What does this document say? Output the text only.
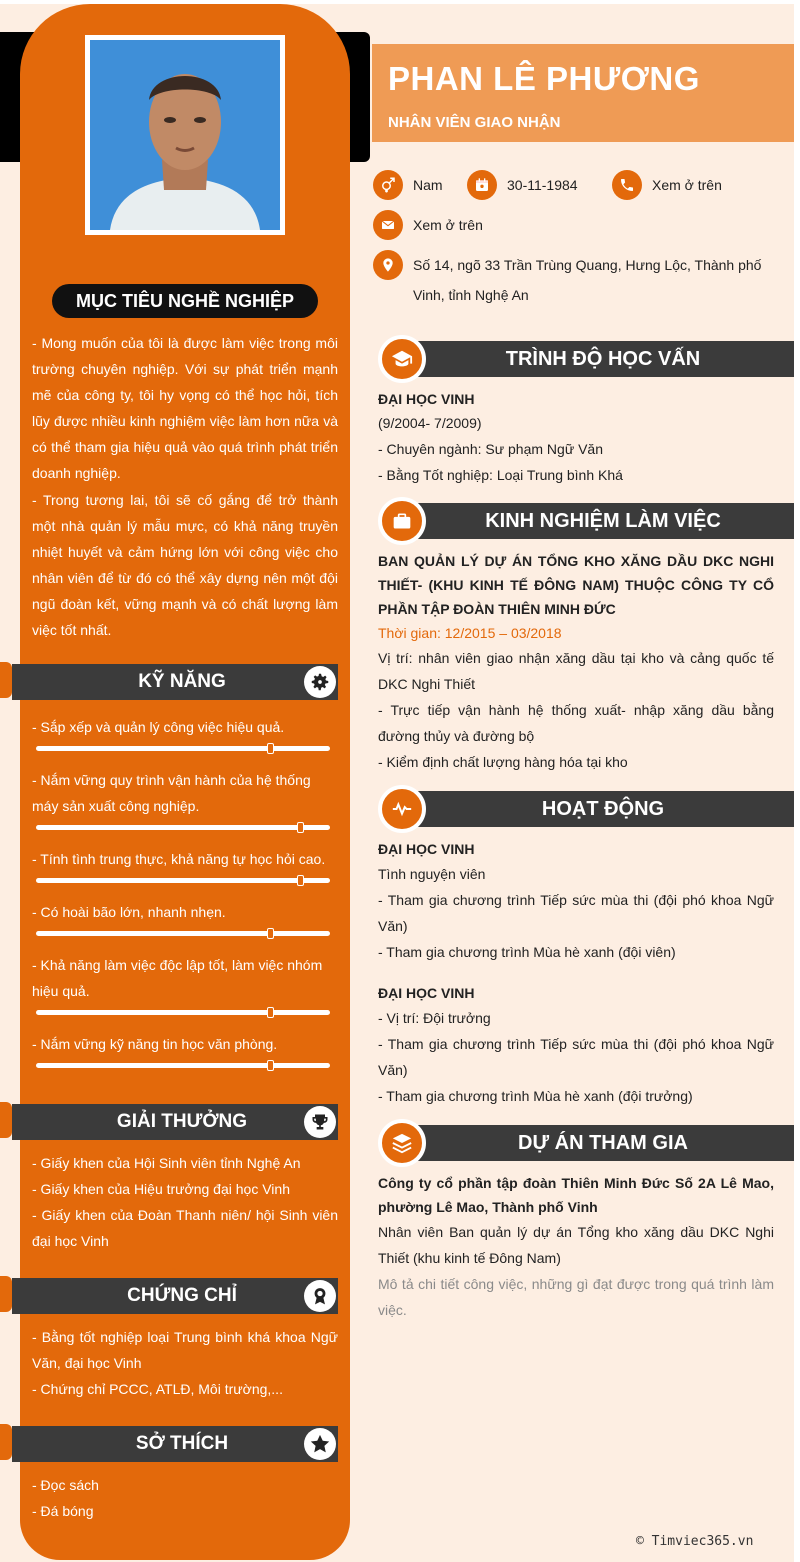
MỤC TIÊU NGHỀ NGHIỆP
- Mong muốn của tôi là được làm việc trong môi trường chuyên nghiệp. Với sự phát triển mạnh mẽ của công ty, tôi hy vọng có thể học hỏi, tích lũy được nhiều kinh nghiệm việc làm hơn nữa và có thể tham gia hiệu quả vào quá trình phát triển doanh nghiệp.
- Trong tương lai, tôi sẽ cố gắng để trở thành một nhà quản lý mẫu mực, có khả năng truyền nhiệt huyết và cảm hứng lớn với công việc cho nhân viên để từ đó có thể xây dựng nên một đội ngũ đoàn kết, vững mạnh và có chất lượng làm việc tốt nhất.
KỸ NĂNG
- Sắp xếp và quản lý công việc hiệu quả.
- Nắm vững quy trình vận hành của hệ thống máy sản xuất công nghiệp.
- Tính tình trung thực, khả năng tự học hỏi cao.
- Có hoài bão lớn, nhanh nhẹn.
- Khả năng làm việc độc lập tốt, làm việc nhóm hiệu quả.
- Nắm vững kỹ năng tin học văn phòng.
GIẢI THƯỞNG
- Giấy khen của Hội Sinh viên tỉnh Nghệ An
- Giấy khen của Hiệu trưởng đại học Vinh
- Giấy khen của Đoàn Thanh niên/ hội Sinh viên đại học Vinh
CHỨNG CHỈ
- Bằng tốt nghiệp loại Trung bình khá khoa Ngữ Văn, đại học Vinh
- Chứng chỉ PCCC, ATLĐ, Môi trường,...
SỞ THÍCH
- Đọc sách
- Đá bóng
PHAN LÊ PHƯƠNG
NHÂN VIÊN GIAO NHẬN
Nam	30-11-1984	Xem ở trên
Xem ở trên
Số 14, ngõ 33 Trần Trùng Quang, Hưng Lộc, Thành phố
Vinh, tỉnh Nghệ An
TRÌNH ĐỘ HỌC VẤN
ĐẠI HỌC VINH
(9/2004- 7/2009)
- Chuyên ngành: Sư phạm Ngữ Văn
- Bằng Tốt nghiệp: Loại Trung bình Khá
KINH NGHIỆM LÀM VIỆC
BAN QUẢN LÝ DỰ ÁN TỔNG KHO XĂNG DẦU DKC NGHI THIẾT- (KHU KINH TẾ ĐÔNG NAM) THUỘC CÔNG TY CỔ PHẦN TẬP ĐOÀN THIÊN MINH ĐỨC
Thời gian: 12/2015 – 03/2018
Vị trí: nhân viên giao nhận xăng dầu tại kho và cảng quốc tế DKC Nghi Thiết
- Trực tiếp vận hành hệ thống xuất- nhập xăng dầu bằng đường thủy và đường bộ
- Kiểm định chất lượng hàng hóa tại kho
HOẠT ĐỘNG
ĐẠI HỌC VINH
Tình nguyện viên
- Tham gia chương trình Tiếp sức mùa thi (đội phó khoa Ngữ Văn)
- Tham gia chương trình Mùa hè xanh (đội viên)
ĐẠI HỌC VINH
- Vị trí: Đội trưởng
- Tham gia chương trình Tiếp sức mùa thi (đội phó khoa Ngữ Văn)
- Tham gia chương trình Mùa hè xanh (đội trưởng)
DỰ ÁN THAM GIA
Công ty cổ phần tập đoàn Thiên Minh Đức Số 2A Lê Mao, phường Lê Mao, Thành phố Vinh
Nhân viên Ban quản lý dự án Tổng kho xăng dầu DKC Nghi Thiết (khu kinh tế Đông Nam)
Mô tả chi tiết công việc, những gì đạt được trong quá trình làm việc.
© Timviec365.vn
